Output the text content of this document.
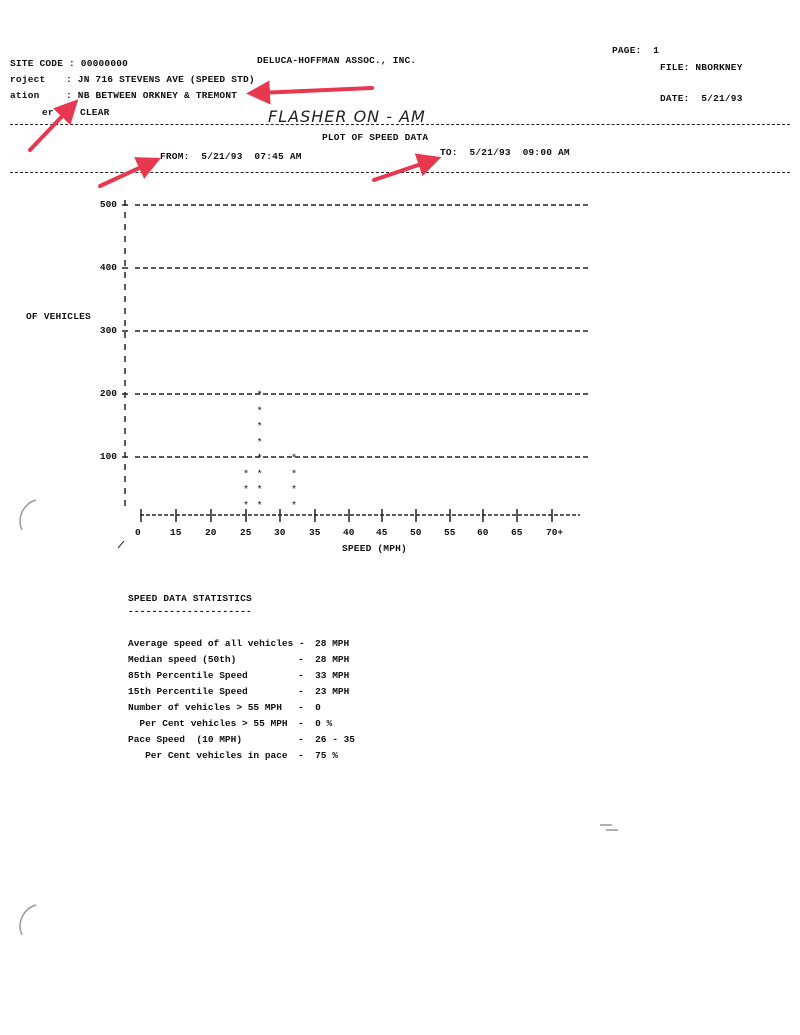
SITE CODE : 00000000	DELUCA-HOFFMAN ASSOC., INC.
PAGE:  1
roject : JN 716 STEVENS AVE (SPEED STD)
FILE: NBORKNEY
ation	: NB BETWEEN ORKNEY & TREMONT	DATE:  5/21/93
er	CLEAR	FLASHER ON - AM
PLOT OF SPEED DATA
FROM:  5/21/93  07:45 AM	TO:  5/21/93  09:00 AM
OF VEHICLES
SPEED (MPH)
*
*
*
*
*
*
*
*
*
*
*
*
*
*
*
100
200
300
400
500
0	15 20 25 30 35 40 45 50 55 60 65 70+
SPEED DATA STATISTICS
---------------------
Average speed of all vehicles - 28 MPH
Median speed (50th)	-  28 MPH
85th Percentile Speed	-  33 MPH
15th Percentile Speed	-  23 MPH
Number of vehicles > 55 MPH -  0
Per Cent vehicles > 55 MPH -  0 %
Pace Speed  (10 MPH)	-  26 - 35
Per Cent vehicles in pace -  75 %
